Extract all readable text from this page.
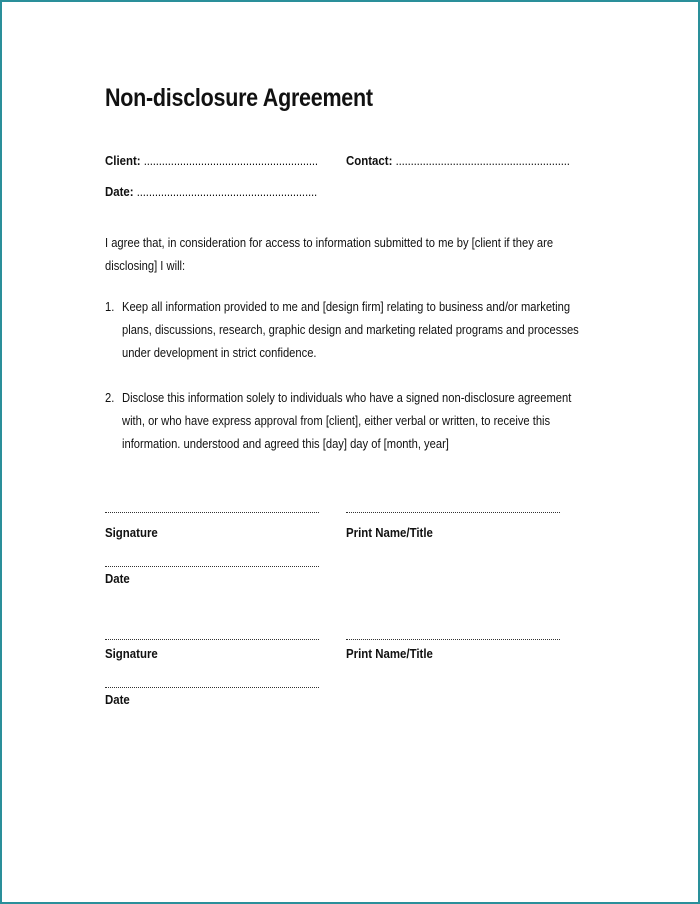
Non-disclosure Agreement
Client: .......................................................... Contact: ..........................................................
Date: ............................................................
I agree that, in consideration for access to information submitted to me by [client if they are
disclosing] I will:
1. Keep all information provided to me and [design firm] relating to business and/or marketing
plans, discussions, research, graphic design and marketing related programs and processes
under development in strict confidence.
2. Disclose this information solely to individuals who have a signed non-disclosure agreement
with, or who have express approval from [client], either verbal or written, to receive this
information. understood and agreed this [day] day of [month, year]
Signature	Print Name/Title
Date
Signature	Print Name/Title
Date
